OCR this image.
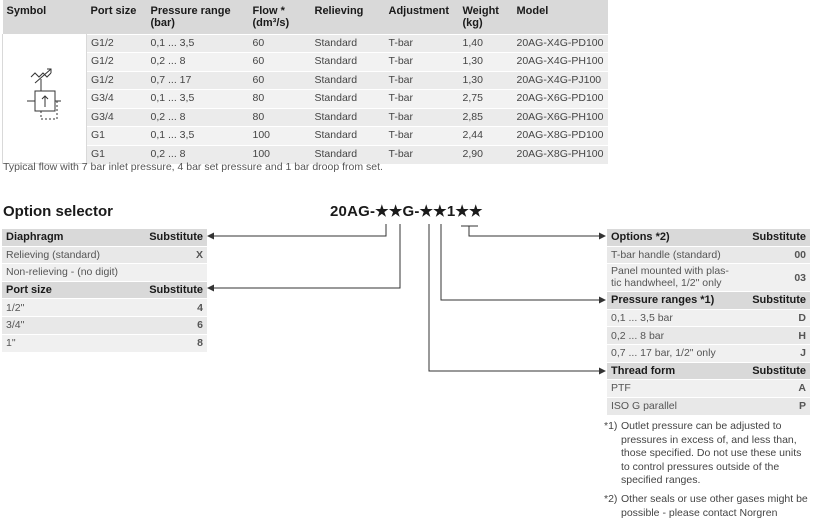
Symbol	Port size	Pressure range (bar)	Flow * (dm³/s)	Relieving	Adjustment	Weight (kg)	Model

	G1/2	0,1 ... 3,5	60	Standard	T-bar	1,40	20AG-X4G-PD100
	G1/2	0,2 ... 8	60	Standard	T-bar	1,30	20AG-X4G-PH100
	G1/2	0,7 ... 17	60	Standard	T-bar	1,30	20AG-X4G-PJ100
	G3/4	0,1 ... 3,5	80	Standard	T-bar	2,75	20AG-X6G-PD100
	G3/4	0,2 ... 8	80	Standard	T-bar	2,85	20AG-X6G-PH100
	G1	0,1 ... 3,5	100	Standard	T-bar	2,44	20AG-X8G-PD100
	G1	0,2 ... 8	100	Standard	T-bar	2,90	20AG-X8G-PH100
Typical flow with 7 bar inlet pressure, 4 bar set pressure and 1 bar droop from set.
Option selector	20AG-★★G-★★1★★
Diaphragm	Substitute
Relieving (standard)	X
Non-relieving - (no digit)	
Port size	Substitute
1/2"	4
3/4"	6
1"	8
Options *2)	Substitute
T-bar handle (standard)	00
Panel mounted with plas-
tic handwheel, 1/2" only	03
Pressure ranges *1)	Substitute
0,1 ... 3,5 bar	D
0,2 ... 8 bar	H
0,7 ... 17 bar, 1/2" only	J
Thread form	Substitute
PTF	A
ISO G parallel	P
*1) Outlet pressure can be adjusted to pressures in excess of, and less than, those specified. Do not use these units to control pressures outside of the specified ranges.
*2) Other seals or use other gases might be possible - please contact Norgren
